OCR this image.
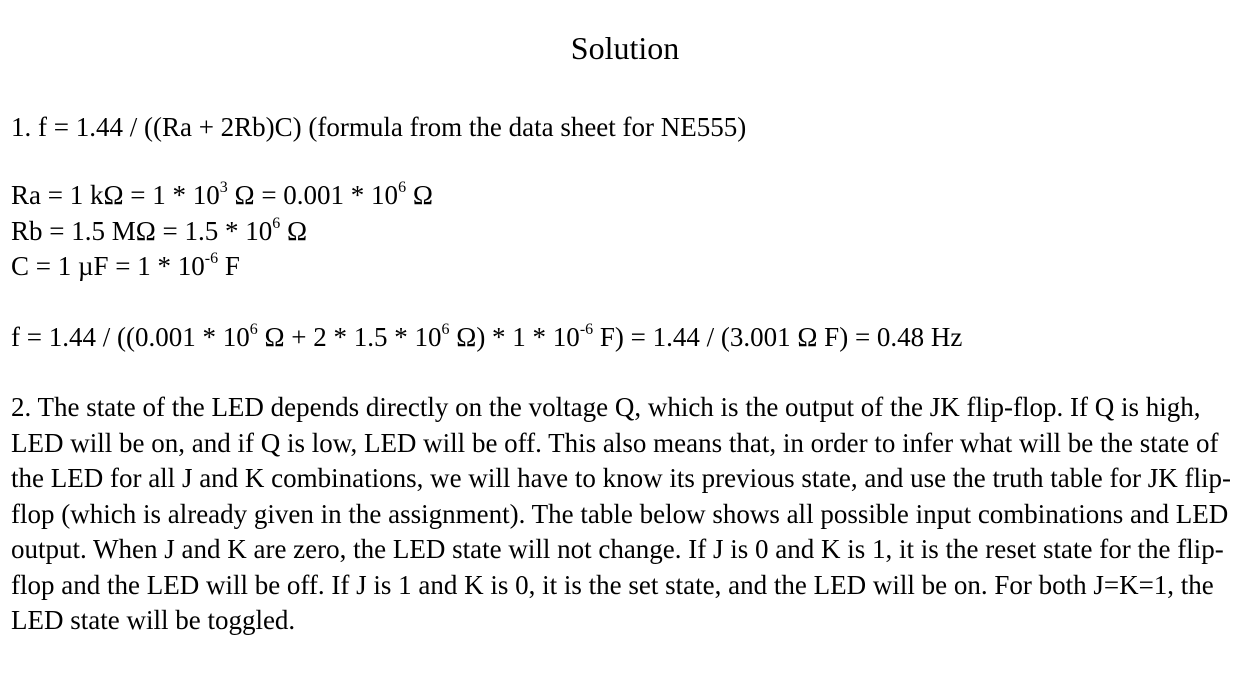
Solution
1. f = 1.44 / ((Ra + 2Rb)C) (formula from the data sheet for NE555)
Ra = 1 $k\Omega = 1 * 10^3$ $\Omega = 0.001 * 10^6$ Ω
Rb = 1.5 $M\Omega = 1.5 * 10^6$ Ω
C = 1 $\mu F = 1 * 10^{-6}$ F
$f = 1.44 / ((0.001 * 10^6$ $\Omega + 2 * 1.5 * 10^6$ $\Omega) * 1 * 10^{-6}$ F) = 1.44 / (3.001 Ω F) = 0.48 Hz
2. The state of the LED depends directly on the voltage Q, which is the output of the JK flip-flop. If Q is high, LED will be on, and if Q is low, LED will be off. This also means that, in order to infer what will be the state of the LED for all J and K combinations, we will have to know its previous state, and use the truth table for JK flip-flop (which is already given in the assignment). The table below shows all possible input combinations and LED output. When J and K are zero, the LED state will not change. If J is 0 and K is 1, it is the reset state for the flip-flop and the LED will be off. If J is 1 and K is 0, it is the set state, and the LED will be on. For both J=K=1, the LED state will be toggled.
